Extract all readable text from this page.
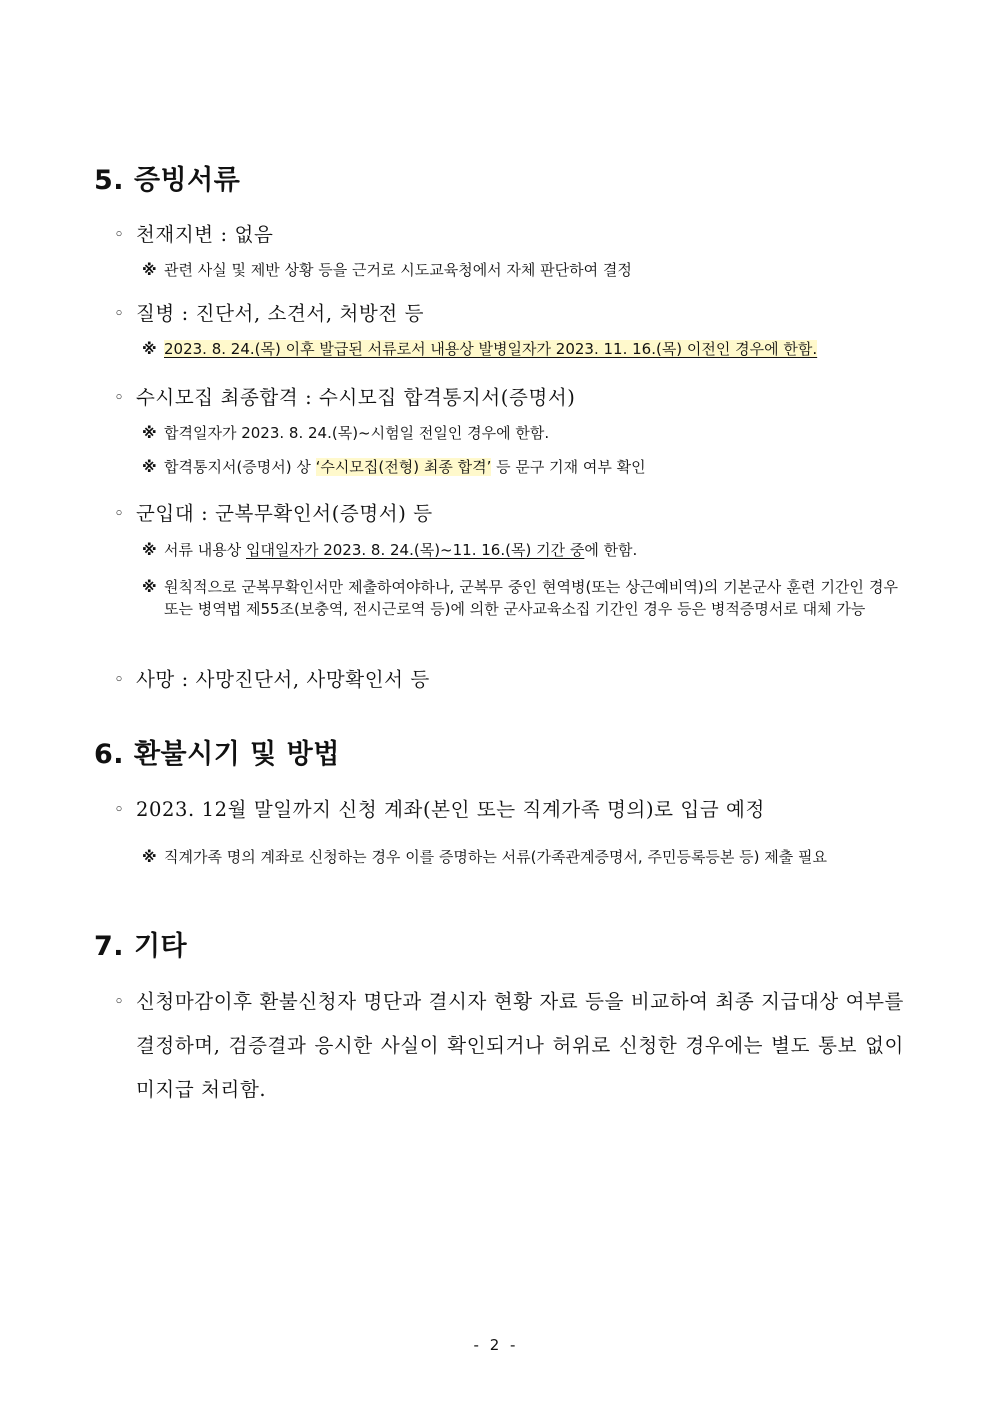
5. 증빙서류
◦ 천재지변 : 없음
※ 관련 사실 및 제반 상황 등을 근거로 시도교육청에서 자체 판단하여 결정
◦ 질병 : 진단서, 소견서, 처방전 등
※ 2023. 8. 24.(목) 이후 발급된 서류로서 내용상 발병일자가 2023. 11. 16.(목) 이전인 경우에 한함.
◦ 수시모집 최종합격 : 수시모집 합격통지서(증명서)
※ 합격일자가 2023. 8. 24.(목)~시험일 전일인 경우에 한함.
※ 합격통지서(증명서) 상 ‘수시모집(전형) 최종 합격’ 등 문구 기재 여부 확인
◦ 군입대 : 군복무확인서(증명서) 등
※ 서류 내용상 입대일자가 2023. 8. 24.(목)~11. 16.(목) 기간 중에 한함.
※ 원칙적으로 군복무확인서만 제출하여야하나, 군복무 중인 현역병(또는 상근예비역)의 기본군사 훈련 기간인 경우 또는 병역법 제55조(보충역, 전시근로역 등)에 의한 군사교육소집 기간인 경우 등은 병적증명서로 대체 가능
◦ 사망 : 사망진단서, 사망확인서 등
6. 환불시기 및 방법
◦ 2023. 12월 말일까지 신청 계좌(본인 또는 직계가족 명의)로 입금 예정
※ 직계가족 명의 계좌로 신청하는 경우 이를 증명하는 서류(가족관계증명서, 주민등록등본 등) 제출 필요
7. 기타
◦ 신청마감이후 환불신청자 명단과 결시자 현황 자료 등을 비교하여 최종 지급대상 여부를 결정하며, 검증결과 응시한 사실이 확인되거나 허위로 신청한 경우에는 별도 통보 없이 미지급 처리함.
- 2 -
